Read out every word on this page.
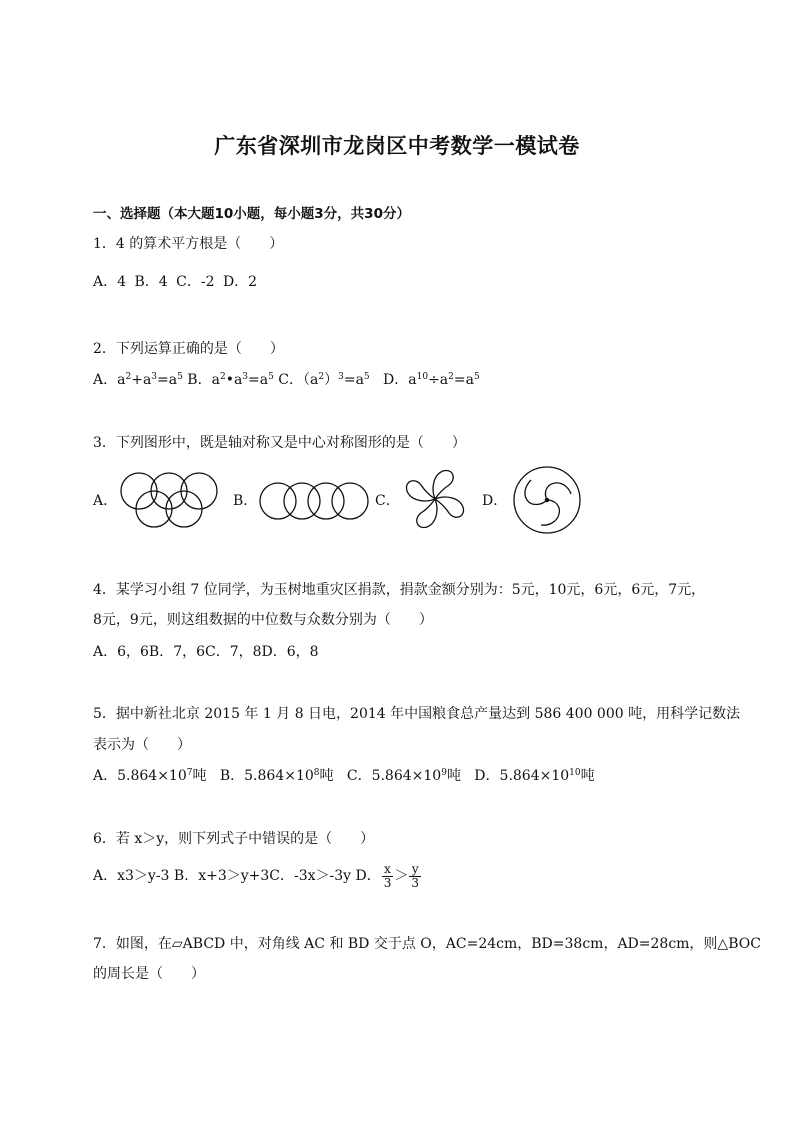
广东省深圳市龙岗区中考数学一模试卷
一、选择题（本大题10小题，每小题3分，共30分）
1．4 的算术平方根是（　　）
A．4 B．4 C．-2 D．2
2．下列运算正确的是（　　）
A．$a^2+a^3=a^5$ B．$a^2•a^3=a^5$ C．$(a^2)^3=a^5$ D．$a^{10}\div a^2=a^5$
3．下列图形中，既是轴对称又是中心对称图形的是（　　）
A．	B．	C．	D．
4．某学习小组 7 位同学，为玉树地重灾区捐款，捐款金额分别为：5元，10元，6元，6元，7元，
8元，9元，则这组数据的中位数与众数分别为（　　）
A．6，6B．7，6C．7，8D．6，8
5．据中新社北京 2015 年 1 月 8 日电，2014 年中国粮食总产量达到 586 400 000 吨，用科学记数法
表示为（　　）
A．$5.864\times 10^7$吨 B．$5.864\times 10^8$吨 C．$5.864\times 10^9$吨 D．$5.864\times 10^{10}$吨
6．若 x＞y，则下列式子中错误的是（　　）
A．x3＞y-3 B．x+3＞y+3C．-3x＞-3y D． $\frac{x}{3} > \frac{y}{3}$
7．如图，在▱ABCD 中，对角线 AC 和 BD 交于点 O，AC=24cm，BD=38cm，AD=28cm，则△BOC
的周长是（　　）
